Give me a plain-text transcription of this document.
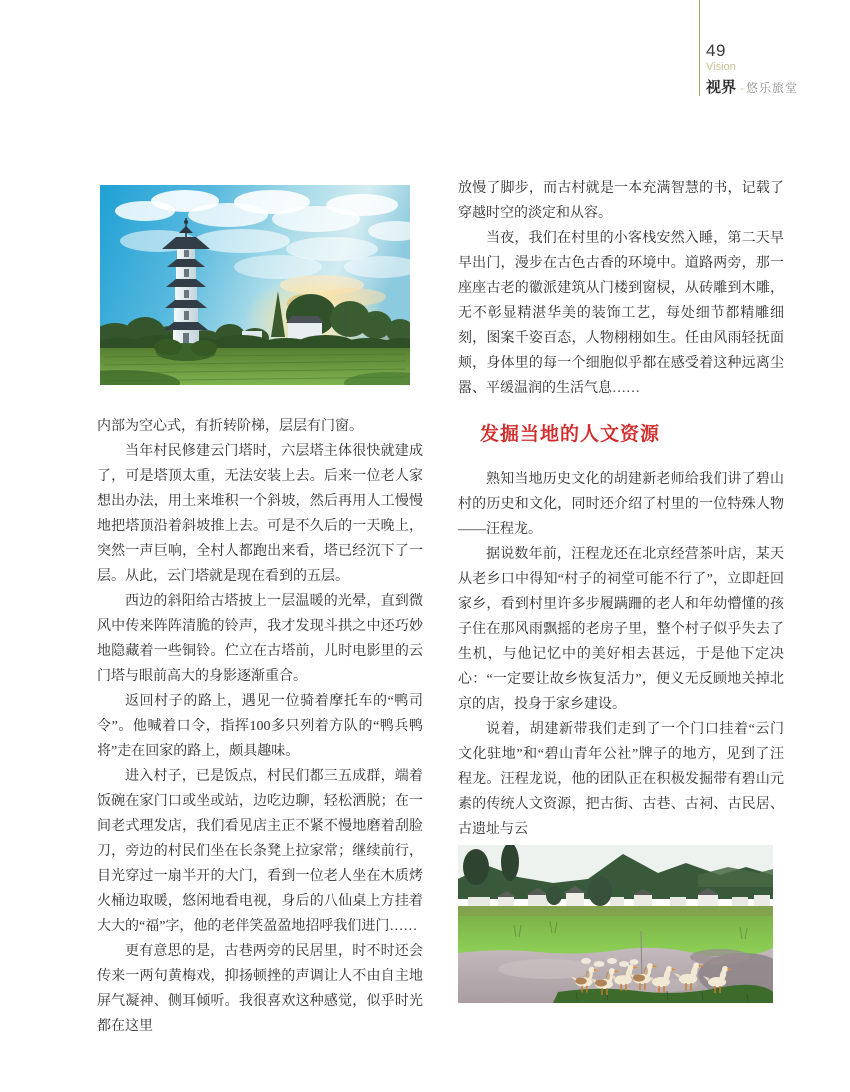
49
Vision
视界 - 悠乐旅堂

内部为空心式，有折转阶梯，层层有门窗。

当年村民修建云门塔时，六层塔主体很快就建成了，可是塔顶太重，无法安装上去。后来一位老人家想出办法，用土来堆积一个斜坡，然后再用人工慢慢地把塔顶沿着斜坡推上去。可是不久后的一天晚上，突然一声巨响，全村人都跑出来看，塔已经沉下了一层。从此，云门塔就是现在看到的五层。

西边的斜阳给古塔披上一层温暖的光晕，直到微风中传来阵阵清脆的铃声，我才发现斗拱之中还巧妙地隐藏着一些铜铃。伫立在古塔前，儿时电影里的云门塔与眼前高大的身影逐渐重合。

返回村子的路上，遇见一位骑着摩托车的“鸭司令”。他喊着口令，指挥100多只列着方队的“鸭兵鸭将”走在回家的路上，颇具趣味。

进入村子，已是饭点，村民们都三五成群，端着饭碗在家门口或坐或站，边吃边聊，轻松洒脱；在一间老式理发店，我们看见店主正不紧不慢地磨着刮脸刀，旁边的村民们坐在长条凳上拉家常；继续前行，目光穿过一扇半开的大门，看到一位老人坐在木质烤火桶边取暖，悠闲地看电视，身后的八仙桌上方挂着大大的“福”字，他的老伴笑盈盈地招呼我们进门……

更有意思的是，古巷两旁的民居里，时不时还会传来一两句黄梅戏，抑扬顿挫的声调让人不由自主地屏气凝神、侧耳倾听。我很喜欢这种感觉，似乎时光都在这里

放慢了脚步，而古村就是一本充满智慧的书，记载了穿越时空的淡定和从容。

当夜，我们在村里的小客栈安然入睡，第二天早早出门，漫步在古色古香的环境中。道路两旁，那一座座古老的徽派建筑从门楼到窗棂，从砖雕到木雕，无不彰显精湛华美的装饰工艺，每处细节都精雕细刻，图案千姿百态，人物栩栩如生。任由风雨轻抚面颊，身体里的每一个细胞似乎都在感受着这种远离尘嚣、平缓温润的生活气息……

发掘当地的人文资源

熟知当地历史文化的胡建新老师给我们讲了碧山村的历史和文化，同时还介绍了村里的一位特殊人物——汪程龙。

据说数年前，汪程龙还在北京经营茶叶店，某天从老乡口中得知“村子的祠堂可能不行了”，立即赶回家乡，看到村里许多步履蹒跚的老人和年幼懵懂的孩子住在那风雨飘摇的老房子里，整个村子似乎失去了生机，与他记忆中的美好相去甚远，于是他下定决心：“一定要让故乡恢复活力”，便义无反顾地关掉北京的店，投身于家乡建设。

说着，胡建新带我们走到了一个门口挂着“云门文化驻地”和“碧山青年公社”牌子的地方，见到了汪程龙。汪程龙说，他的团队正在积极发掘带有碧山元素的传统人文资源，把古街、古巷、古祠、古民居、古遗址与云
